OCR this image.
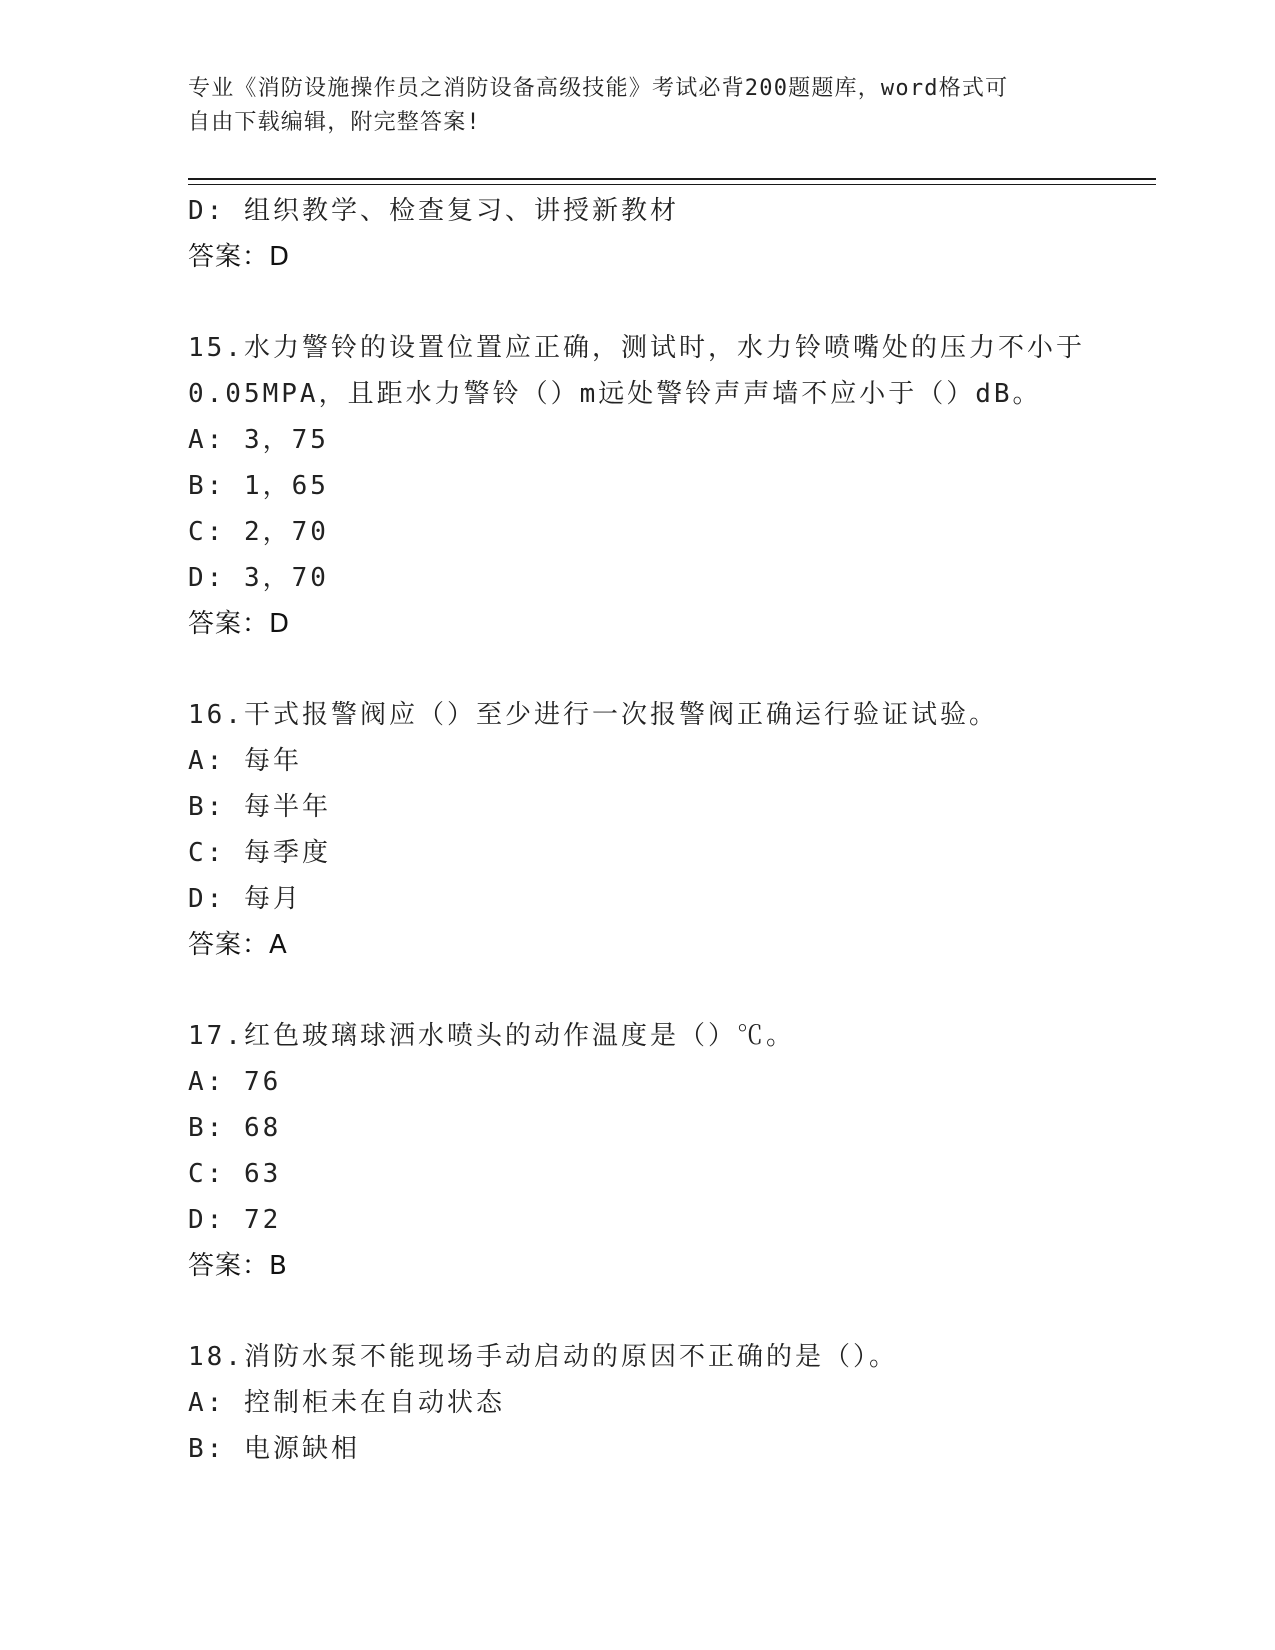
专业《消防设施操作员之消防设备高级技能》考试必背200题题库，word格式可
自由下载编辑，附完整答案!
D: 组织教学、检查复习、讲授新教材
答案：D
15.水力警铃的设置位置应正确，测试时，水力铃喷嘴处的压力不小于
0.05MPA，且距水力警铃（）m远处警铃声声墙不应小于（）dB。
A: 3，75
B: 1，65
C: 2，70
D: 3，70
答案：D
16.干式报警阀应（）至少进行一次报警阀正确运行验证试验。
A: 每年
B: 每半年
C: 每季度
D: 每月
答案：A
17.红色玻璃球洒水喷头的动作温度是（）℃。
A: 76
B: 68
C: 63
D: 72
答案：B
18.消防水泵不能现场手动启动的原因不正确的是（）。
A: 控制柜未在自动状态
B: 电源缺相
